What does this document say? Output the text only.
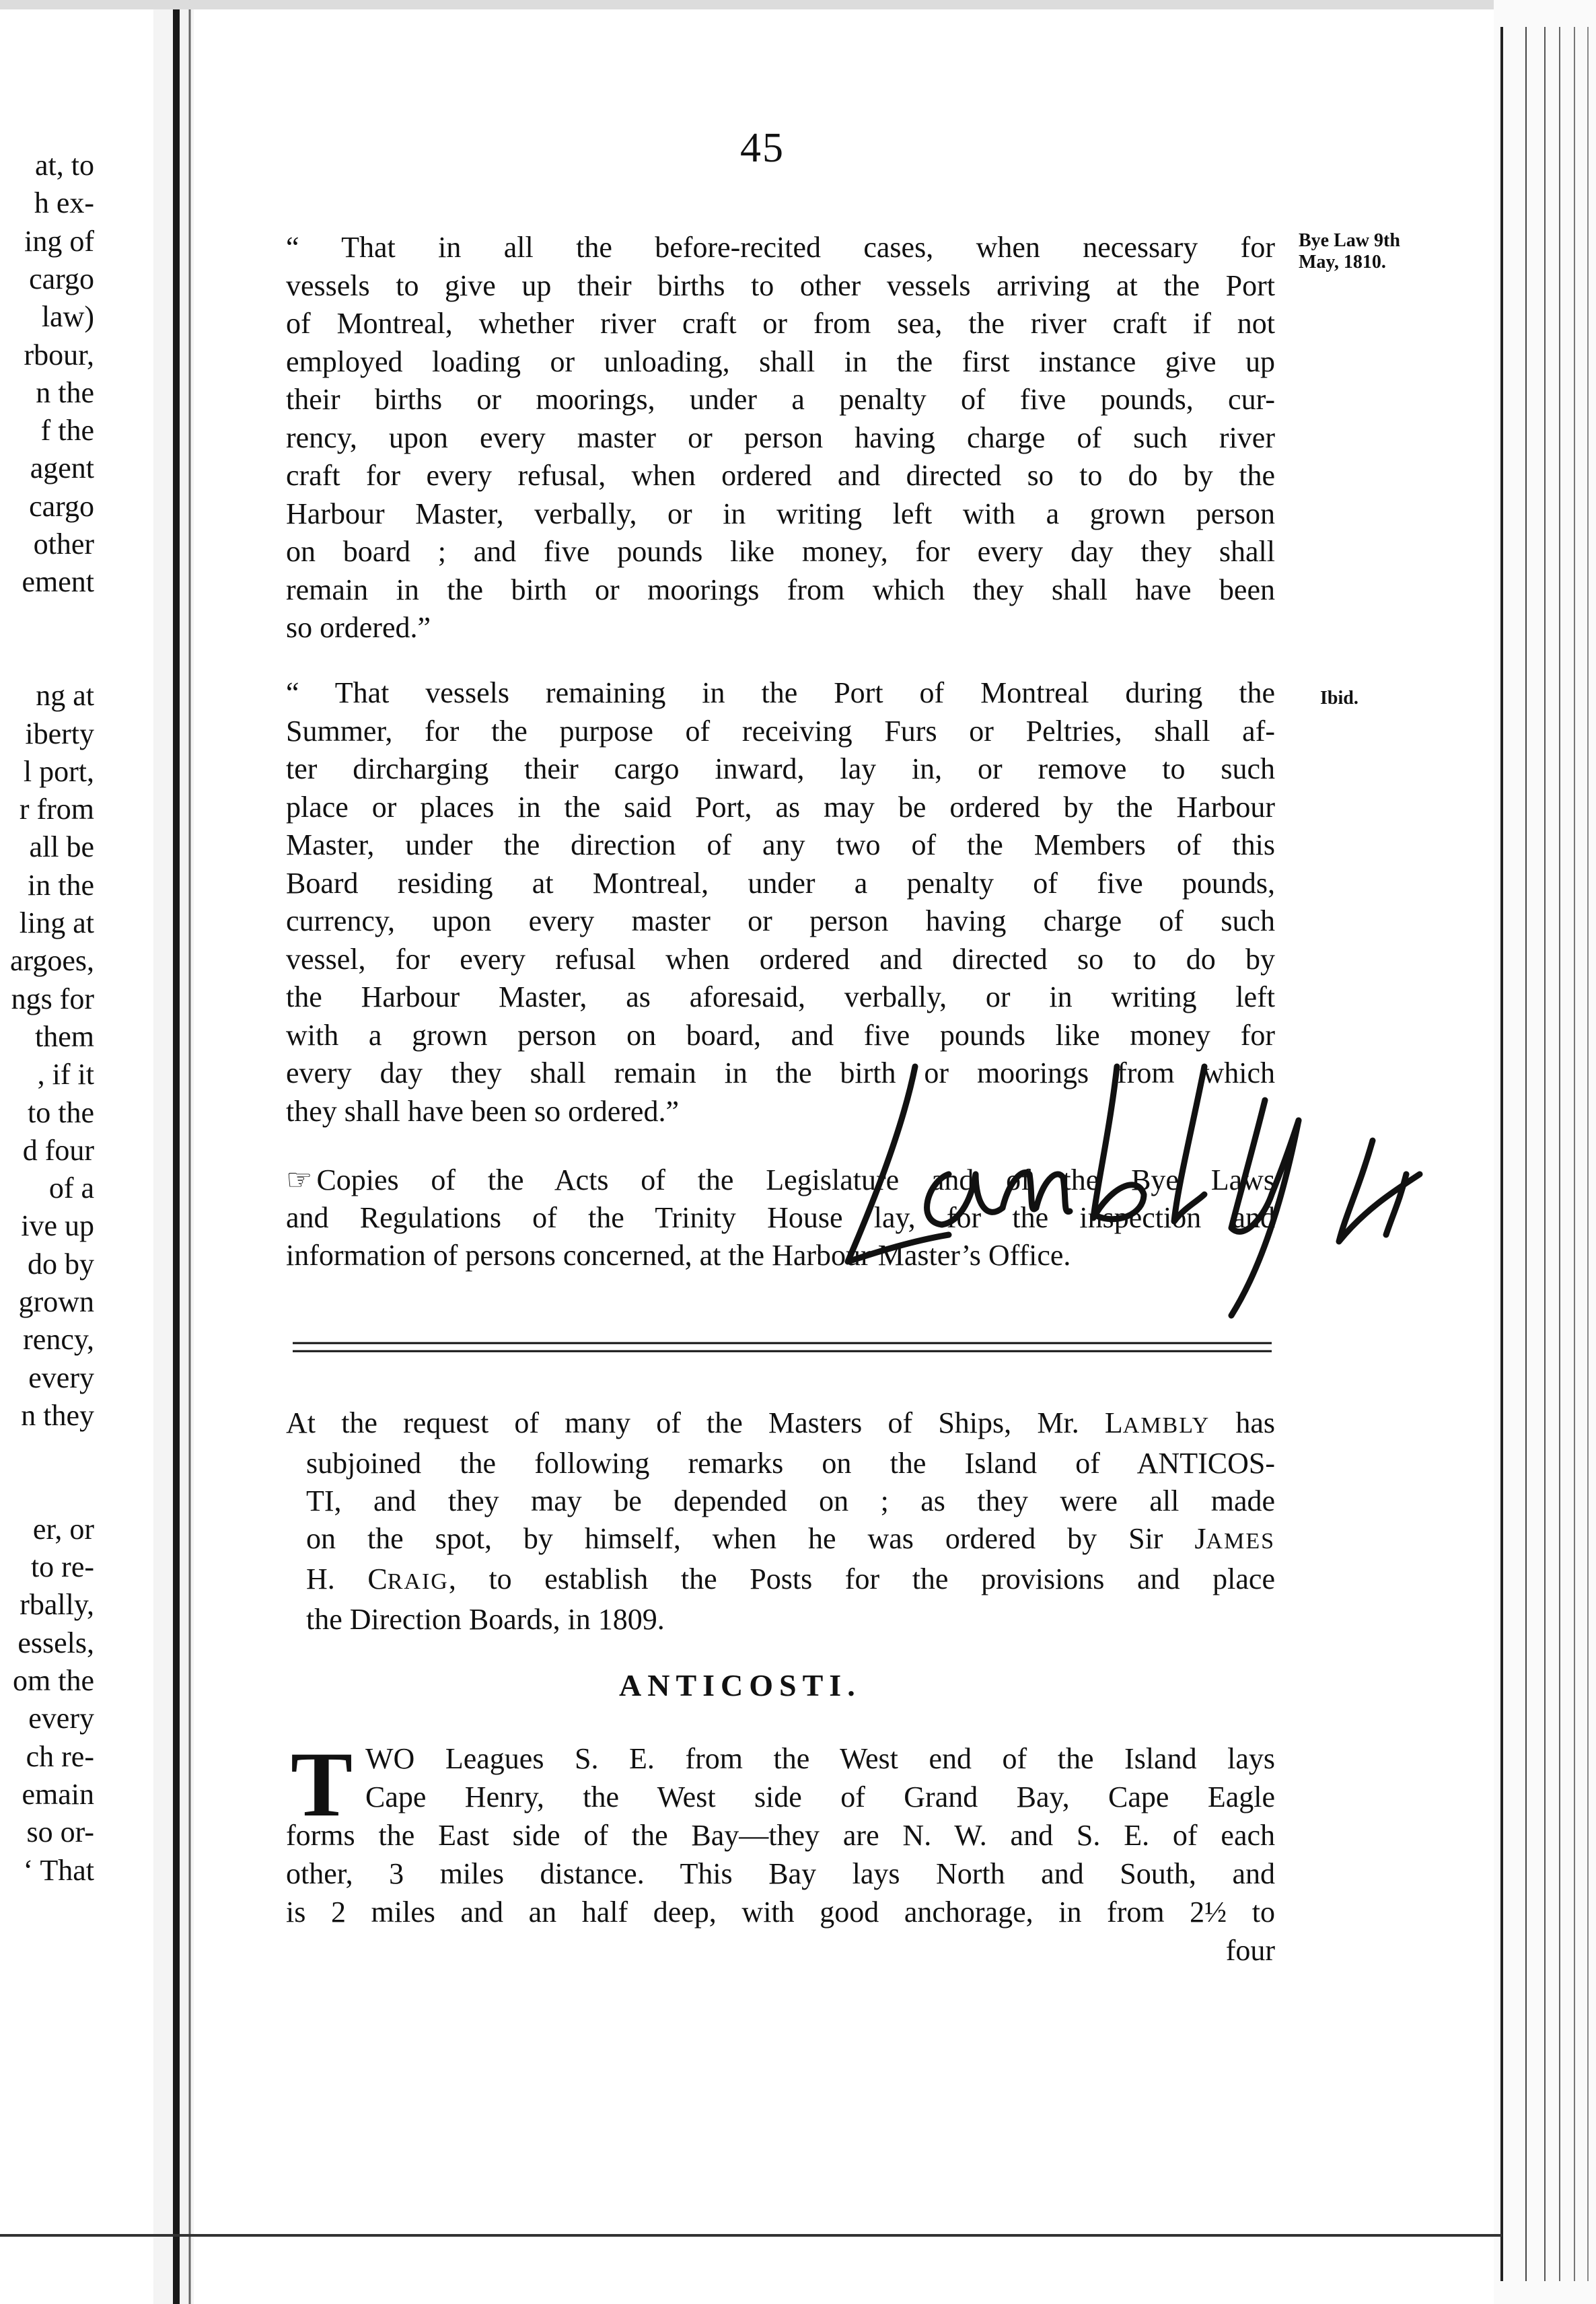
at, to
h ex-
ing of
cargo
law)
rbour,
n the
f the
agent
cargo
other
ement
ng at
iberty
l port,
r from
all be
in the
ling at
argoes,
ngs for
them
, if it
to the
d four
of a
ive up
do by
grown
rency,
every
n they
er, or
to re-
rbally,
essels,
om the
every
ch re-
emain
so or-
‘ That
45
Bye Law 9th
May, 1810.
Ibid.

“ That in all the before-recited cases, when necessary for

vessels to give up their births to other vessels arriving at the Port

of Montreal, whether river craft or from sea, the river craft if not

employed loading or unloading, shall in the first instance give up

their births or moorings, under a penalty of five pounds, cur-

rency, upon every master or person having charge of such river

craft for every refusal, when ordered and directed so to do by the

Harbour Master, verbally, or in writing left with a grown person

on board ; and five pounds like money, for every day they shall

remain in the birth or moorings from which they shall have been

so ordered.”

“ That vessels remaining in the Port of Montreal during the

Summer, for the purpose of receiving Furs or Peltries, shall af-

ter dircharging their cargo inward, lay in, or remove to such

place or places in the said Port, as may be ordered by the Harbour

Master, under the direction of any two of the Members of this

Board residing at Montreal, under a penalty of five pounds,

currency, upon every master or person having charge of such

vessel, for every refusal when ordered and directed so to do by

the Harbour Master, as aforesaid, verbally, or in writing left

with a grown person on board, and five pounds like money for

every day they shall remain in the birth or moorings from which

they shall have been so ordered.”

☞ Copies of the Acts of the Legislature and of the Bye Laws

and Regulations of the Trinity House lay, for the inspection and

information of persons concerned, at the Harbour Master’s Office.

At the request of many of the Masters of Ships, Mr. LAMBLY has

subjoined the following remarks on the Island of ANTICOS-

TI, and they may be depended on ; as they were all made

on the spot, by himself, when he was ordered by Sir JAMES

H. CRAIG, to establish the Posts for the provisions and place

the Direction Boards, in 1809.

ANTICOSTI.
T WO Leagues S. E. from the West end of the Island lays

Cape Henry, the West side of Grand Bay, Cape Eagle

forms the East side of the Bay—they are N. W. and S. E. of each

other, 3 miles distance. This Bay lays North and South, and

is 2 miles and an half deep, with good anchorage, in from 2½ to

four
